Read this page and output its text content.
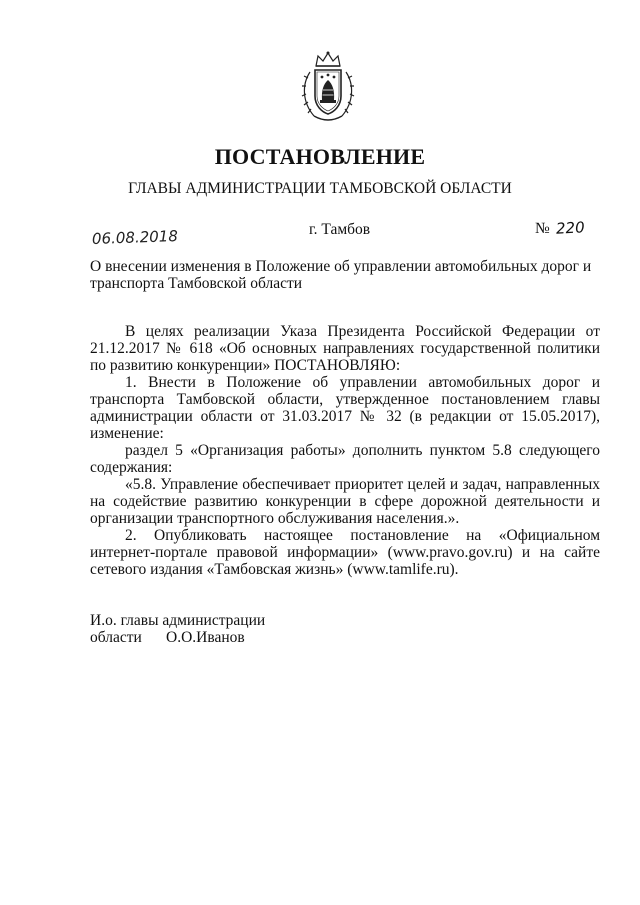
ПОСТАНОВЛЕНИЕ
ГЛАВЫ АДМИНИСТРАЦИИ ТАМБОВСКОЙ ОБЛАСТИ
06.08.2018	г. Тамбов	№ 220
О внесении изменения в Положение об управлении автомобильных дорог и транспорта Тамбовской области

В целях реализации Указа Президента Российской Федерации от 21.12.2017 № 618 «Об основных направлениях государственной политики по развитию конкуренции» ПОСТАНОВЛЯЮ:

1. Внести в Положение об управлении автомобильных дорог и транспорта Тамбовской области, утвержденное постановлением главы администрации области от 31.03.2017 № 32 (в редакции от 15.05.2017), изменение:

раздел 5 «Организация работы» дополнить пунктом 5.8 следующего содержания:

«5.8. Управление обеспечивает приоритет целей и задач, направленных на содействие развитию конкуренции в сфере дорожной деятельности и организации транспортного обслуживания населения.».

2. Опубликовать настоящее постановление на «Официальном интернет-портале правовой информации» (www.pravo.gov.ru) и на сайте сетевого издания «Тамбовская жизнь» (www.tamlife.ru).

И.о. главы администрации
области О.О.Иванов
